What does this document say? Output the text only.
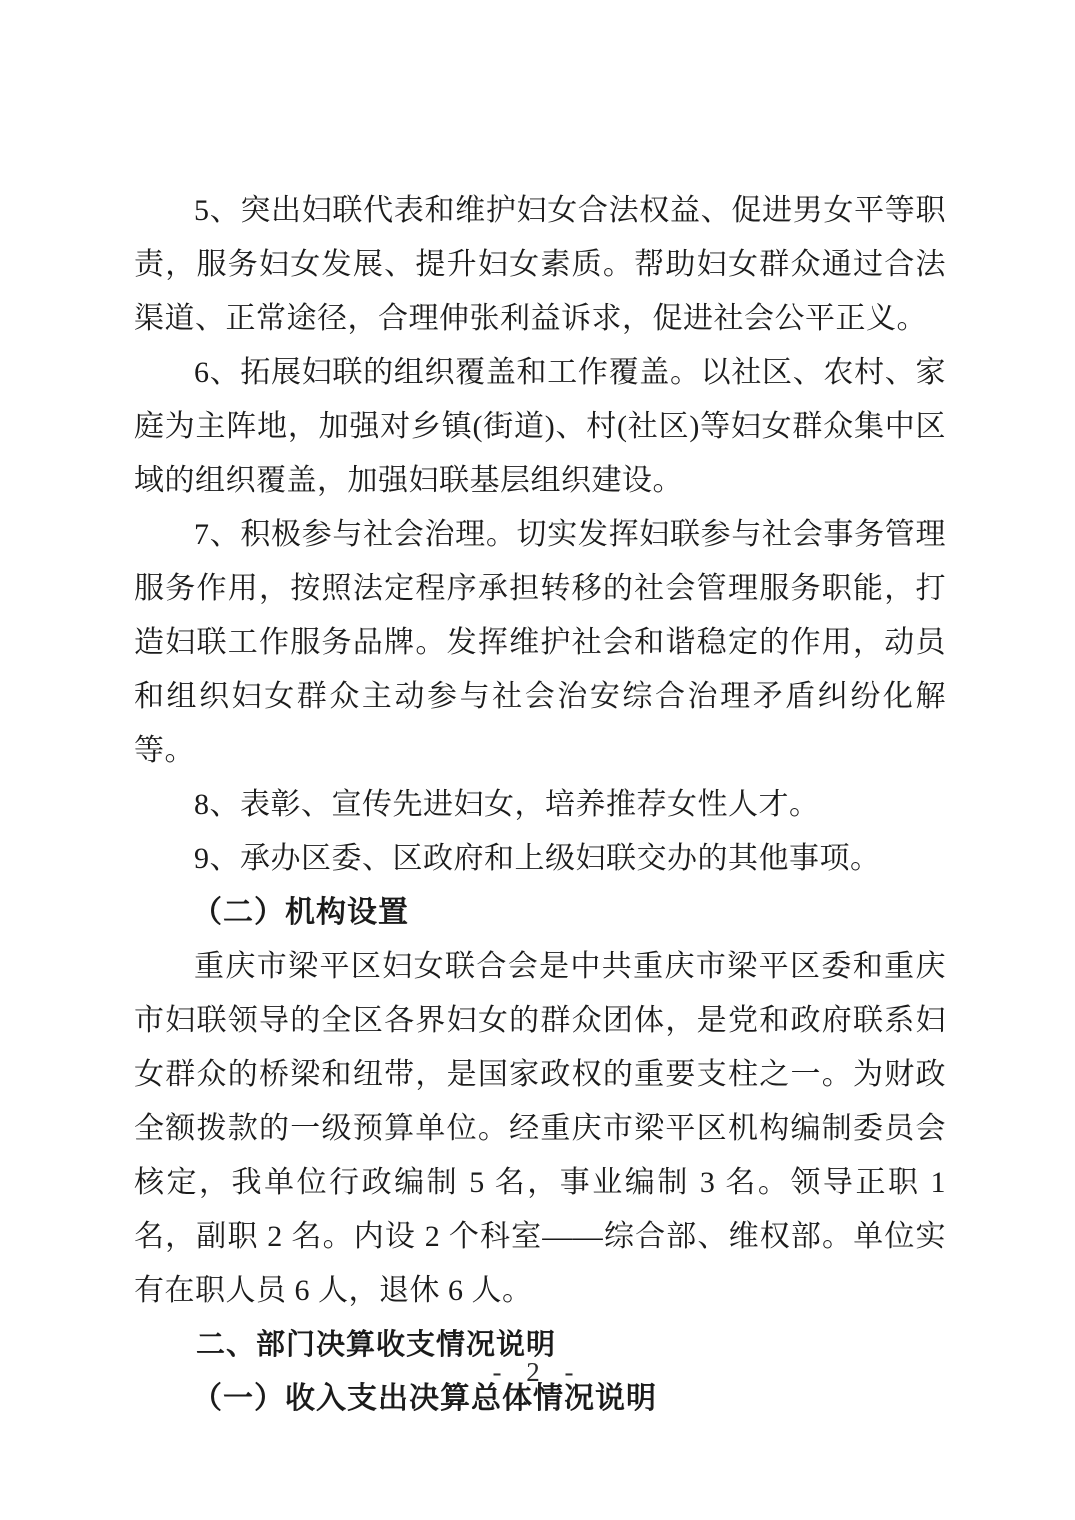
5、突出妇联代表和维护妇女合法权益、促进男女平等职责，服务妇女发展、提升妇女素质。帮助妇女群众通过合法渠道、正常途径，合理伸张利益诉求，促进社会公平正义。

6、拓展妇联的组织覆盖和工作覆盖。以社区、农村、家庭为主阵地，加强对乡镇(街道)、村(社区)等妇女群众集中区域的组织覆盖，加强妇联基层组织建设。

7、积极参与社会治理。切实发挥妇联参与社会事务管理服务作用，按照法定程序承担转移的社会管理服务职能，打造妇联工作服务品牌。发挥维护社会和谐稳定的作用，动员和组织妇女群众主动参与社会治安综合治理矛盾纠纷化解等。

8、表彰、宣传先进妇女，培养推荐女性人才。

9、承办区委、区政府和上级妇联交办的其他事项。

（二）机构设置

重庆市梁平区妇女联合会是中共重庆市梁平区委和重庆市妇联领导的全区各界妇女的群众团体，是党和政府联系妇女群众的桥梁和纽带，是国家政权的重要支柱之一。为财政全额拨款的一级预算单位。经重庆市梁平区机构编制委员会核定，我单位行政编制 5 名，事业编制 3 名。领导正职 1 名，副职 2 名。内设 2 个科室——综合部、维权部。单位实有在职人员 6 人，退休 6 人。

二、部门决算收支情况说明
（一）收入支出决算总体情况说明
- 2 -
